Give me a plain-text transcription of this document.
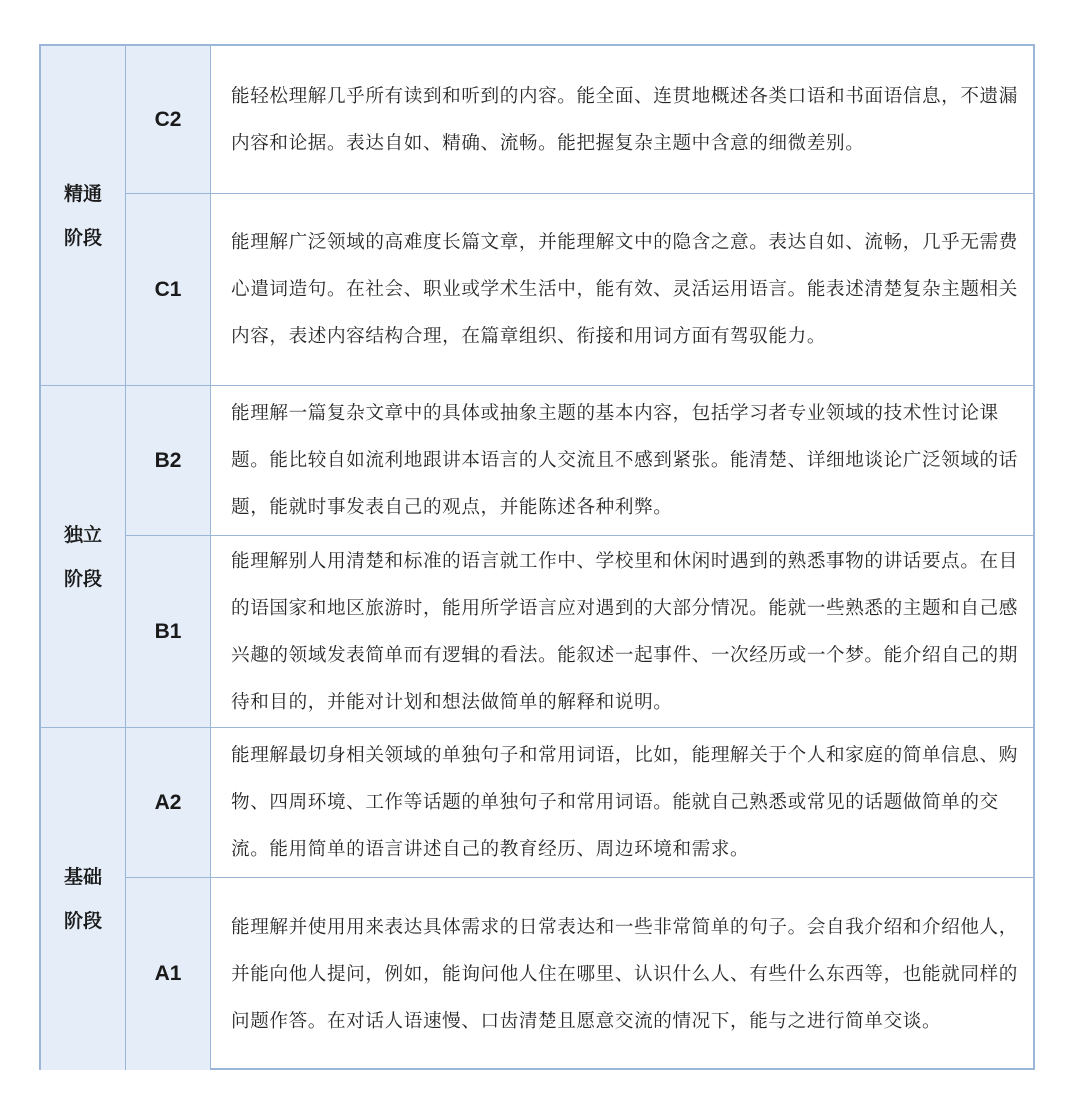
精通
阶段
独立
阶段
基础
阶段
C2
能轻松理解几乎所有读到和听到的内容。能全面、连贯地概述各类口语和书面语信息，不遗漏内容和论据。表达自如、精确、流畅。能把握复杂主题中含意的细微差别。
C1
能理解广泛领域的高难度长篇文章，并能理解文中的隐含之意。表达自如、流畅，几乎无需费心遣词造句。在社会、职业或学术生活中，能有效、灵活运用语言。能表述清楚复杂主题相关内容，表述内容结构合理，在篇章组织、衔接和用词方面有驾驭能力。
B2
能理解一篇复杂文章中的具体或抽象主题的基本内容，包括学习者专业领域的技术性讨论课题。能比较自如流利地跟讲本语言的人交流且不感到紧张。能清楚、详细地谈论广泛领域的话题，能就时事发表自己的观点，并能陈述各种利弊。
B1
能理解别人用清楚和标准的语言就工作中、学校里和休闲时遇到的熟悉事物的讲话要点。在目的语国家和地区旅游时，能用所学语言应对遇到的大部分情况。能就一些熟悉的主题和自己感兴趣的领域发表简单而有逻辑的看法。能叙述一起事件、一次经历或一个梦。能介绍自己的期待和目的，并能对计划和想法做简单的解释和说明。
A2
能理解最切身相关领域的单独句子和常用词语，比如，能理解关于个人和家庭的简单信息、购物、四周环境、工作等话题的单独句子和常用词语。能就自己熟悉或常见的话题做简单的交流。能用简单的语言讲述自己的教育经历、周边环境和需求。
A1
能理解并使用用来表达具体需求的日常表达和一些非常简单的句子。会自我介绍和介绍他人，并能向他人提问，例如，能询问他人住在哪里、认识什么人、有些什么东西等，也能就同样的问题作答。在对话人语速慢、口齿清楚且愿意交流的情况下，能与之进行简单交谈。
